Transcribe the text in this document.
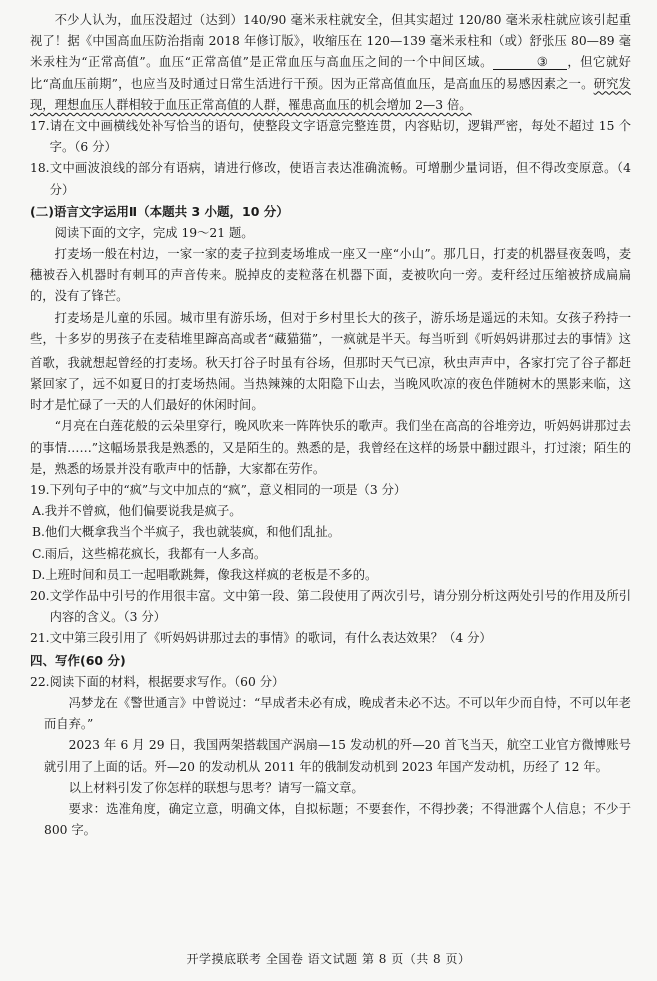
不少人认为，血压没超过（达到）140/90 毫米汞柱就安全，但其实超过 120/80 毫米汞柱就应该引起重视了！据《中国高血压防治指南 2018 年修订版》，收缩压在 120—139 毫米汞柱和（或）舒张压 80—89 毫米汞柱为“正常高值”。血压“正常高值”是正常血压与高血压之间的一个中间区域。	③ ，但它就好比“高血压前期”，也应当及时通过日常生活进行干预。因为正常高值血压，是高血压的易感因素之一。研究发现，理想血压人群相较于血压正常高值的人群，罹患高血压的机会增加 2—3 倍。

17.请在文中画横线处补写恰当的语句，使整段文字语意完整连贯，内容贴切，逻辑严密，每处不超过 15 个字。（6 分）

18.文中画波浪线的部分有语病，请进行修改，使语言表达准确流畅。可增删少量词语，但不得改变原意。（4 分）

(二)语言文字运用Ⅱ（本题共 3 小题，10 分）

阅读下面的文字，完成 19～21 题。

打麦场一般在村边，一家一家的麦子拉到麦场堆成一座又一座“小山”。那几日，打麦的机器昼夜轰鸣，麦穗被吞入机器时有刺耳的声音传来。脱掉皮的麦粒落在机器下面，麦被吹向一旁。麦秆经过压缩被挤成扁扁的，没有了锋芒。

打麦场是儿童的乐园。城市里有游乐场，但对于乡村里长大的孩子，游乐场是遥远的未知。女孩子矜持一些，十多岁的男孩子在麦秸堆里蹿高高或者“藏猫猫”，一疯就是半天。每当听到《听妈妈讲那过去的事情》这首歌，我就想起曾经的打麦场。秋天打谷子时虽有谷场，但那时天气已凉，秋虫声声中，各家打完了谷子都赶紧回家了，远不如夏日的打麦场热闹。当热辣辣的太阳隐下山去，当晚风吹凉的夜色伴随树木的黑影来临，这时才是忙碌了一天的人们最好的休闲时间。

“月亮在白莲花般的云朵里穿行，晚风吹来一阵阵快乐的歌声。我们坐在高高的谷堆旁边，听妈妈讲那过去的事情……”这幅场景我是熟悉的，又是陌生的。熟悉的是，我曾经在这样的场景中翻过跟斗，打过滚；陌生的是，熟悉的场景并没有歌声中的恬静，大家都在劳作。

19.下列句子中的“疯”与文中加点的“疯”，意义相同的一项是（3 分）

A.我并不曾疯，他们偏要说我是疯子。

B.他们大概拿我当个半疯子，我也就装疯，和他们乱扯。

C.雨后，这些棉花疯长，我都有一人多高。

D.上班时间和员工一起唱歌跳舞，像我这样疯的老板是不多的。

20.文学作品中引号的作用很丰富。文中第一段、第二段使用了两次引号，请分别分析这两处引号的作用及所引内容的含义。（3 分）

21.文中第三段引用了《听妈妈讲那过去的事情》的歌词，有什么表达效果？（4 分）

四、写作(60 分)

22.阅读下面的材料，根据要求写作。（60 分）

冯梦龙在《警世通言》中曾说过：“早成者未必有成，晚成者未必不达。不可以年少而自恃，不可以年老而自弃。”

2023 年 6 月 29 日，我国两架搭载国产涡扇—15 发动机的歼—20 首飞当天，航空工业官方微博账号就引用了上面的话。歼—20 的发动机从 2011 年的俄制发动机到 2023 年国产发动机，历经了 12 年。

以上材料引发了你怎样的联想与思考？请写一篇文章。

要求：选准角度，确定立意，明确文体，自拟标题；不要套作，不得抄袭；不得泄露个人信息；不少于 800 字。

开学摸底联考 全国卷 语文试题 第 8 页（共 8 页）
